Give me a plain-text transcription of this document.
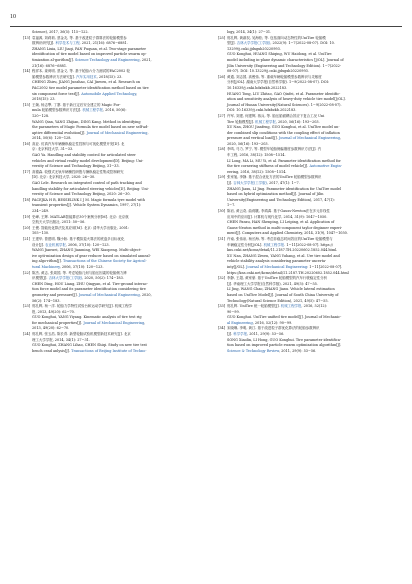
10
Science), 2017, 36(5): 115−122.
[13] 袁福源, 刘莉莉, 蔡金友, 等. 基于改进粒子群算法的轮胎模型参
数辨识研究[J]. 科学技术与工程, 2021, 21(16): 6876−6881.
ZHANG Lixia, LIU Jiaqi, PAN Fuquan, et al. Two-stage parameter
identification of tire model based on improved particle swarm op-
timization al-gorithm[J]. Science Technology and Engineering, 2021,
21(16): 6876−6881.
[14] 程祥本, 姜荷明, 蔡金义, 等. 基于轮胎六分力测试的PAC2002 轮
胎模型参数辨识方法研究[J]. 汽车实用技术, 2018(15): 23.
CHENG Zhiru, JIANG Junzhao, CAI Jinwen, et al. Research on
PAC2002 tire model parameter identification method based on tire
six component force test[J]. Automobile Applied Technology,
2018(15): 23.
[15] 王婉, 杨志擎, 丁寨. 基于新日定后安全建立的 Magic For-
mula 轮胎模型参数辨识方法[J]. 机械工程学报, 2016, 50(6):
120−128.
WANG Qian, YANG Zhijian, DING Kang. Method in identifying
the parameters of Magic Formula tire model based on new self-ad-
aptive differential evolution[J]. Journal of Mechanical Engineering,
2014, 50(6): 120−128.
[16] 高亚. 仿真汽车车辆操纵稳定性控制与可视化模型开发[D]. 北
京: 北京科技大学, 31−33.
GAO Ya. Handling and stability control for articulated steer
vehicles and virtual reality model development[D]. Beijing: Uni-
versity of Science and Technology Beijing, 31−33.
[17] 高德森. 较强式无轨车辆操控研股与操纵稳定性集成控制研究
[D]. 北京: 北京科技大学, 2020: 26−30.
GAO Lele. Research on integrated control of path tracking and
handling stability for articulated steering vehicles[D]. Beijing: Uni-
versity of Science and Technology Beijing, 2020: 26−30.
[18] PACEJKA H B, BESSELINK I J M. Magic formula tyre model with
transient properties[J]. Vehicle System Dynamics, 1997, 27(1):
234−249.
[19] 史峰, 王辉. MATLAB智能算法30个案例分析[M]. 北京: 北京航
空航天大学出版社, 2011: 50−56.
[20] 王俊. 智能优化算法及其应用[M]. 北京: 清华大学出版社, 2001:
105−130.
[21] 王建华, 曾建明, 魏小娇. 基于模拟退火算法的底盘多目标优化
设计[J]. 农业机械学报, 2006, 37(10): 120−123.
WANG Jianwei, ZHANG Jianming, WEI Xiaopeng. Multi-object-
ive opti-mization design of gear reducer based on simulated anneal-
ing algo-rithm[J]. Transactions of the Chinese Society for Agricul-
tural Machinery, 2006, 37(10): 120−123.
[22] 陈杰, 黄志, 张周国, 等. 考虑轮胎几何与胎压因素的轮胎侧力辨
识模型[J]. 吉林大学学报(工学版), 2020, 50(2): 174−183.
CHEN Ding, HOU Liang, ZHU Qingyan, et al. Tire-ground interac-
tion force model and its parameter identification considering tire
geometry and pressure[J]. Journal of Mechanical Engineering, 2020,
56(2): 174−183.
[23] 郭孔辉, 杨一洋. 轮胎力学特性试验台和运动学研究[J]. 机械工程学
报, 2013, 49(20): 62−70.
GUO Konghui, YANG Yiyang. Kinematic analysis of tire test rig
for mechanical properties[J]. Journal of Mechanical Engineering,
2013, 49(20): 62−70.
[24] 郭孔辉, 张玉浩, 陈长青. 新型轮胎试验机模型新技术研究[J]. 北京
理工大学学报, 2014, 34(1): 27−31.
GUO Konghui, ZHANG Lihao, CHEN Shiqi. Study on new tire test
bench cead anlysis[J]. Transactions of Beijing Institute of Techno-
logy, 2014, 34(1): 27−31.
[25] 郭孔辉, 黄淑权, 吴海松, 等. 包括面向动态特性的UniTire 轮胎模
型[J]. 吉林大学学报(工学版), 2022(9): 1−7(2022-08-07). DOI: 10.
13299/j.cnki.jjdxgxb20220993.
GUO Konghui, HUANG Shiqing, WU Haidong, et al. UniTire
model including in-plane dynamic characteristics [J/OL]. Journal of
Jilin University (Engineering and Technology Edition). 1−7(2022-
08-07). DOI: 10.13229/j.cnki.jjdxgxb20220993.
[26] 黄通, 刘志国, 高俊伟, 等. 重载车辆轮胎模型参数辨识与灵敏度
分析[J/OL]. 湖南大学学报(自然科学版). 1−9(2022-08-07). DOI:
10.16339/j.cnki.hdxbzkb.2022183.
HUANG Tong, LIU Zhitao, GAO Qinfei, et al. Parameter identific-
ation and sensitivity analysis of heavy-duty vehicle tire model[J/OL].
Journal of Hunan University(Natural Sciences). 1−9(2022-08-07).
DOI: 10.16339/j.cnki.hdxbzkb.2022183.
[27] 许军, 刘建, 何建辉, 蒋兵, 等. 胎压胎面耦合效应下复合工况 Uni
Tire 轮胎模型[J]. 机械工程学报, 2020, 56(16): 193−203.
XU Nan, ZHOU Jianfeng, GUO Konghui, et al. UniTire model un-
der combined slip conditions with the coupling effect of inflation
pressure and vertical load[J]. Journal of Mechanical Engineering,
2020, 56(16): 193−203.
[28] 李鸣, 马力, 罗宁, 等. 模型车轮胎侧偏刚度参数辨识方法[J]. 汽
车工程, 2016, 38(12): 1508−1514.
LI Long, MA Li, MU Yi, et al. Parameter identification method for
the tire cornering stiffness of model vehicle[J]. Automotive Engin-
eering, 2016, 38(12): 1508−1514.
[29] 张家旭, 李静. 基于混合优化方法的UniTire 轮胎模型参数辨识
[J]. 吉林大学学报(工学版), 2017, 47(1): 1−7.
ZHANG Jiaxu, LI Jing. Parameter identification for UniTire model
based on hybrid optimization method[J]. Journal of Jilin
University(Engineering and Technology Edition), 2017, 47(1):
1−7.
[30] 陈岩, 黄云奇, 曲蒋眺, 李鸿禹. 基于Gauss-Newton法在多元非线性
应用中的应用[J]. 计算机与现代化学, 2014, 31(9): 1047−1050.
CHEN Panzu, HAN Shenping, LI Leiping, et al. Application of
Gauss-Neuton method in multi-component taylor deginner experi-
ment[J]. Computers and Applied Chemistry, 2014, 31(9), 1047−1050.
[31] 许南, 张伟泉, 杨长海, 等. 考虑非稳态时间效应的UniTire 轮胎模型与
车辆稳定性分析[J/OL]. 机械工程学报. 1−11[2022-08-07]. https://
kns.cnki.net/kcms/detail/11.2187.TH.20220602.1852.044.html.
XU Nan, ZHANG Ziwen, YANG Yuhang, et al. Ure tire model and
vehicle stability analysis considering parameter uncerta-
inty[J/OL]. Journal of Mechanical Engineering: 1−11[2022-08-07].
https://kns.cnki.net/kcms/detail/11.2187.TH.20220602.1852.044.html
[32] 李静, 王超, 黄家豪. 基于UniTire 轮胎模型的汽车行驶稳定性分析
[J]. 华南理工大学学报(自然科学版), 2021, 49(5): 47−55.
LI Jing, WANG Chao, ZHANG Jiaxu. Vehicle lateral estimation
based on UniTire Model[J]. Journal of South China University of
Technology(Natural Science Edition), 2021, 49(5): 47−55.
[33] 郭孔辉. UniTire 统一轮胎模型[J]. 机械工程学报, 2016, 52(12):
90−99.
GUO Konghui. UniTire unified tire model[J]. Journal of Mechanic-
al Engineering, 2016, 52(12): 90−99.
[34] 宋晓琳, 李明, 黄江. 基于改进粒子群优化算法的轮胎参数辨识
[J]. 科学学报, 2011, 29(9): 53−56.
SONG Xiaolin, LI Hong, GUO Konghui. Tire parameter identifica-
tion based on improved particle swarm optimization algorithm[J].
Science & Technology Review, 2011, 29(9): 53−56.
